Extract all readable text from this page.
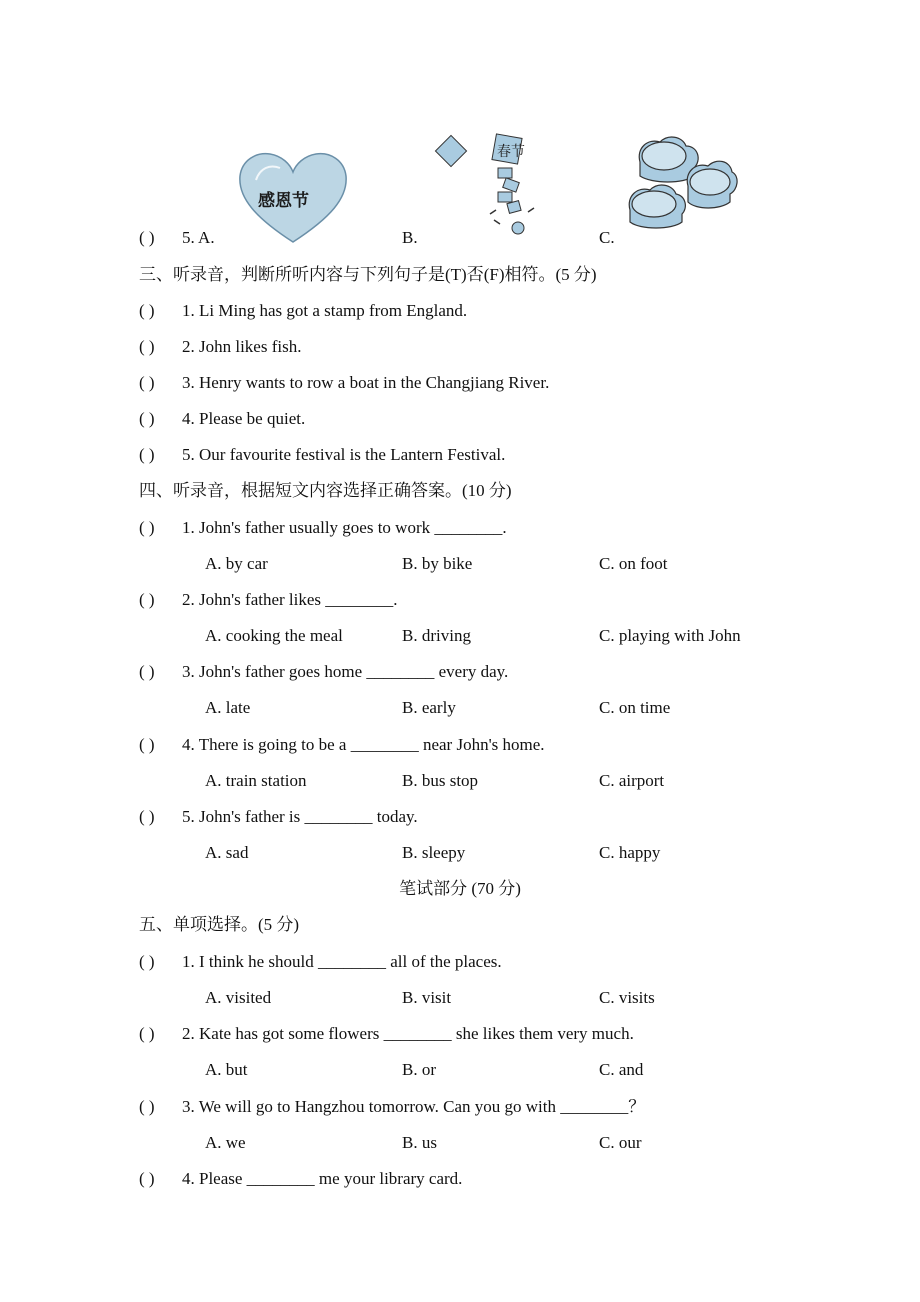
感恩节
春节
( ) 5. A.	B.	C.
三、听录音，判断所听内容与下列句子是(T)否(F)相符。(5 分)
( ) 1. Li Ming has got a stamp from England.
( ) 2. John likes fish.
( ) 3. Henry wants to row a boat in the Changjiang River.
( ) 4. Please be quiet.
( ) 5. Our favourite festival is the Lantern Festival.
四、听录音，根据短文内容选择正确答案。(10 分)
( ) 1. John's father usually goes to work ________.
A. by car	B. by bike	C. on foot
( ) 2. John's father likes ________.
A. cooking the meal	B. driving	C. playing with John
( ) 3. John's father goes home ________ every day.
A. late	B. early	C. on time
( ) 4. There is going to be a ________ near John's home.
A. train station	B. bus stop	C. airport
( ) 5. John's father is ________ today.
A. sad	B. sleepy	C. happy
笔试部分 (70 分)
五、单项选择。(5 分)
( ) 1. I think he should ________ all of the places.
A. visited	B. visit	C. visits
( ) 2. Kate has got some flowers ________ she likes them very much.
A. but	B. or	C. and
( ) 3. We will go to Hangzhou tomorrow. Can you go with ________？
A. we	B. us	C. our
( ) 4. Please ________ me your library card.
